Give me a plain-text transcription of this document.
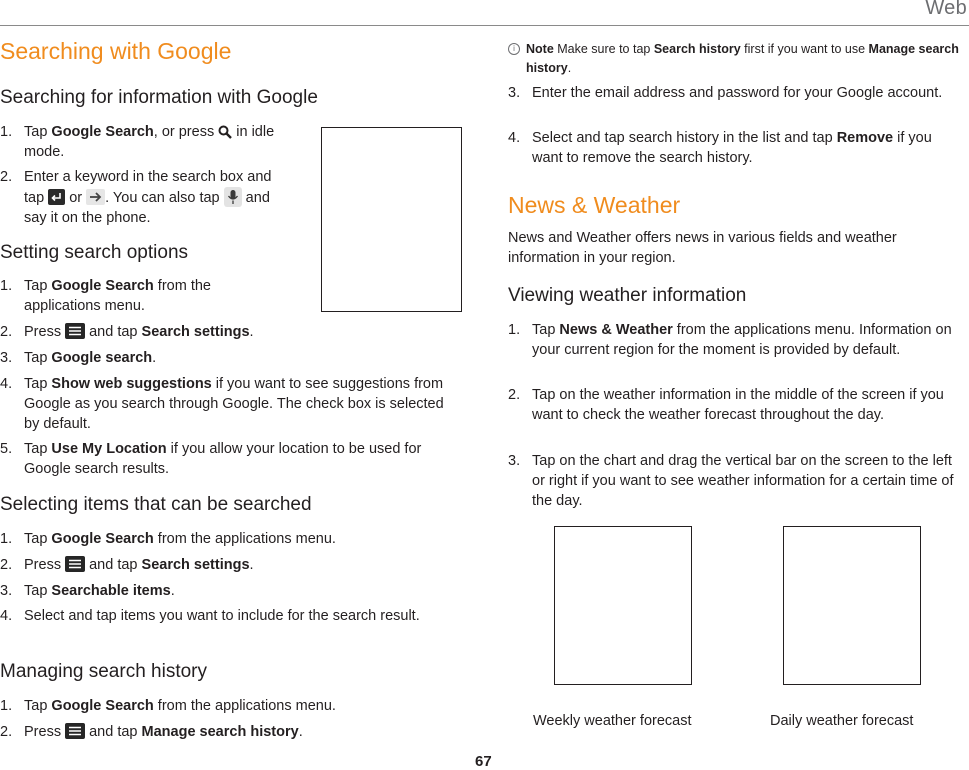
Web
Searching with Google
Searching for information with Google
1. Tap Google Search, or press
in idle mode.
2. Enter a keyword in the search box and tap
or
. You can also tap
and say it on the phone.
Setting search options
1. Tap Google Search from the applications menu.
2. Press
and tap Search settings.
3. Tap Google search.
4. Tap Show web suggestions if you want to see suggestions from Google as you search through Google. The check box is selected by default.
5. Tap Use My Location if you allow your location to be used for Google search results.
Selecting items that can be searched
1. Tap Google Search from the applications menu.
2. Press
and tap Search settings.
3. Tap Searchable items.
4. Select and tap items you want to include for the search result.
Managing search history
1. Tap Google Search from the applications menu.
2. Press
and tap Manage search history.
i Note Make sure to tap Search history first if you want to use Manage search history.
3. Enter the email address and password for your Google account.
4. Select and tap search history in the list and tap Remove if you want to remove the search history.
News & Weather
News and Weather offers news in various fields and weather information in your region.
Viewing weather information
1. Tap News & Weather from the applications menu. Information on your current region for the moment is provided by default.
2. Tap on the weather information in the middle of the screen if you want to check the weather forecast throughout the day.
3. Tap on the chart and drag the vertical bar on the screen to the left or right if you want to see weather information for a certain time of the day.
Weekly weather forecast	Daily weather forecast
67
